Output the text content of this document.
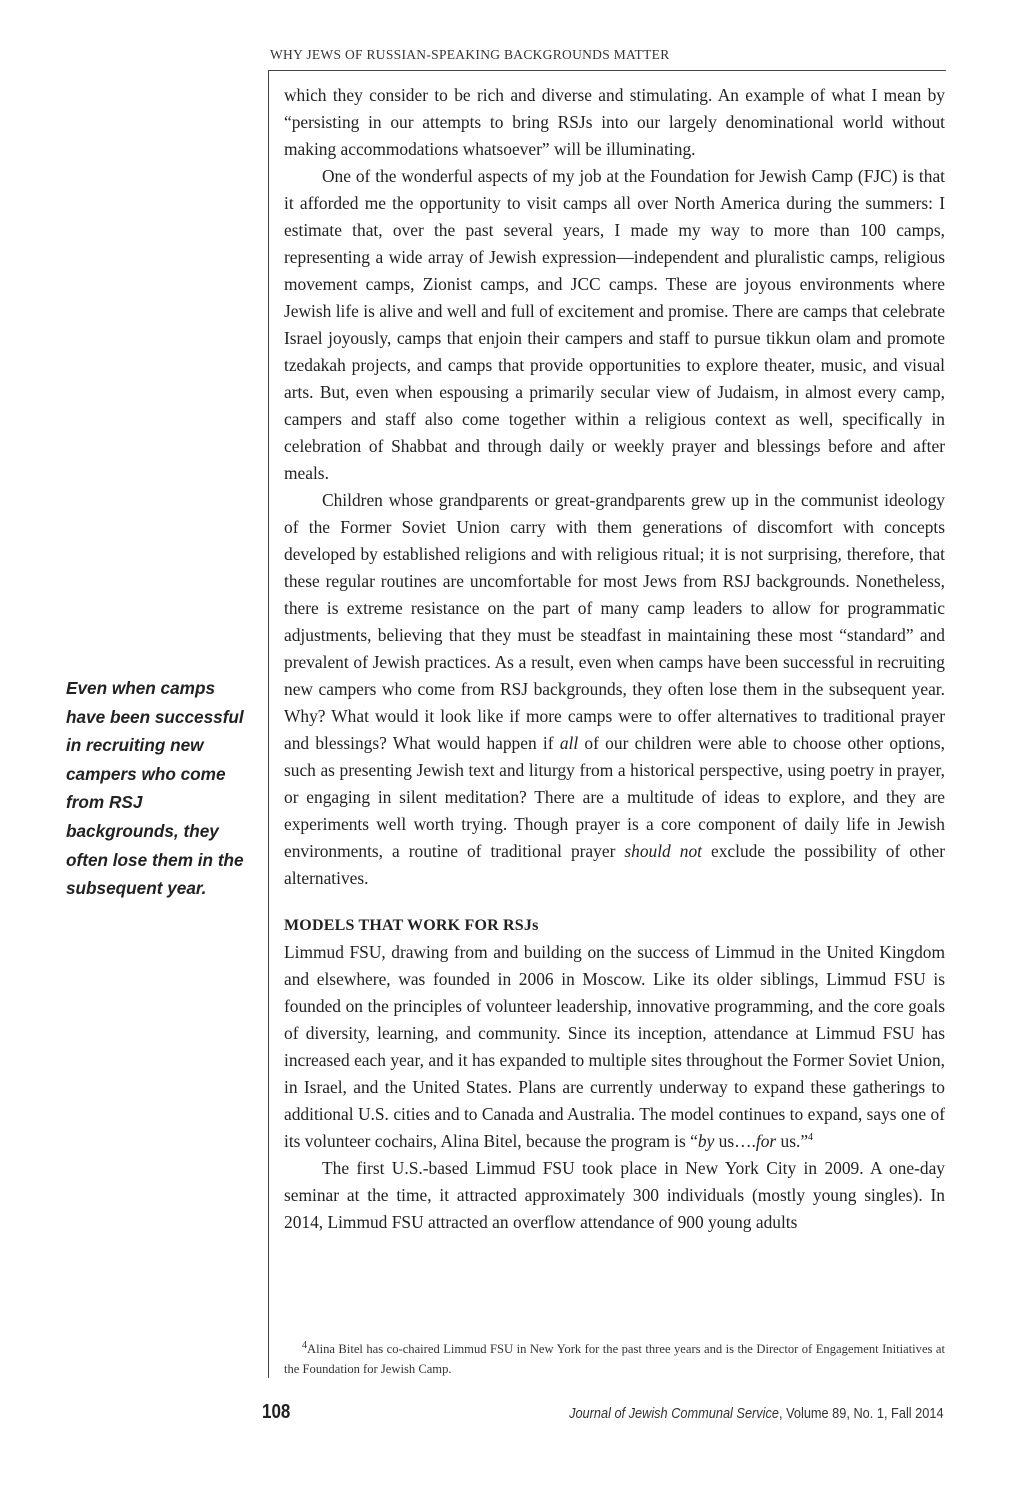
WHY JEWS OF RUSSIAN-SPEAKING BACKGROUNDS MATTER

which they consider to be rich and diverse and stimulating. An example of what I mean by “persisting in our attempts to bring RSJs into our largely denominational world without making accommodations whatsoever” will be illuminating.

One of the wonderful aspects of my job at the Foundation for Jewish Camp (FJC) is that it afforded me the opportunity to visit camps all over North America during the summers: I estimate that, over the past several years, I made my way to more than 100 camps, representing a wide array of Jewish expression—independent and pluralistic camps, religious movement camps, Zionist camps, and JCC camps. These are joyous environments where Jewish life is alive and well and full of excitement and promise. There are camps that celebrate Israel joyously, camps that enjoin their campers and staff to pursue tikkun olam and promote tzedakah projects, and camps that provide opportunities to explore theater, music, and visual arts. But, even when espousing a primarily secular view of Judaism, in almost every camp, campers and staff also come together within a religious context as well, specifically in celebration of Shabbat and through daily or weekly prayer and blessings before and after meals.

Children whose grandparents or great-grandparents grew up in the communist ideology of the Former Soviet Union carry with them generations of discomfort with concepts developed by established religions and with religious ritual; it is not surprising, therefore, that these regular routines are uncomfortable for most Jews from RSJ backgrounds. Nonetheless, there is extreme resistance on the part of many camp leaders to allow for programmatic adjustments, believing that they must be steadfast in maintaining these most “standard” and prevalent of Jewish practices. As a result, even when camps have been successful in recruiting new campers who come from RSJ backgrounds, they often lose them in the subsequent year. Why? What would it look like if more camps were to offer alternatives to traditional prayer and blessings? What would happen if all of our children were able to choose other options, such as presenting Jewish text and liturgy from a historical perspective, using poetry in prayer, or engaging in silent meditation? There are a multitude of ideas to explore, and they are experiments well worth trying. Though prayer is a core component of daily life in Jewish environments, a routine of traditional prayer should not exclude the possibility of other alternatives.

MODELS THAT WORK FOR RSJs

Limmud FSU, drawing from and building on the success of Limmud in the United Kingdom and elsewhere, was founded in 2006 in Moscow. Like its older siblings, Limmud FSU is founded on the principles of volunteer leadership, innovative programming, and the core goals of diversity, learning, and community. Since its inception, attendance at Limmud FSU has increased each year, and it has expanded to multiple sites throughout the Former Soviet Union, in Israel, and the United States. Plans are currently underway to expand these gatherings to additional U.S. cities and to Canada and Australia. The model continues to expand, says one of its volunteer cochairs, Alina Bitel, because the program is “by us….for us.”$^4$

The first U.S.-based Limmud FSU took place in New York City in 2009. A one-day seminar at the time, it attracted approximately 300 individuals (mostly young singles). In 2014, Limmud FSU attracted an overflow attendance of 900 young adults

Even when camps have been successful in recruiting new campers who come from RSJ backgrounds, they often lose them in the subsequent year.
$^4$Alina Bitel has co-chaired Limmud FSU in New York for the past three years and is the Director of Engagement Initiatives at the Foundation for Jewish Camp.
108	Journal of Jewish Communal Service, Volume 89, No. 1, Fall 2014
